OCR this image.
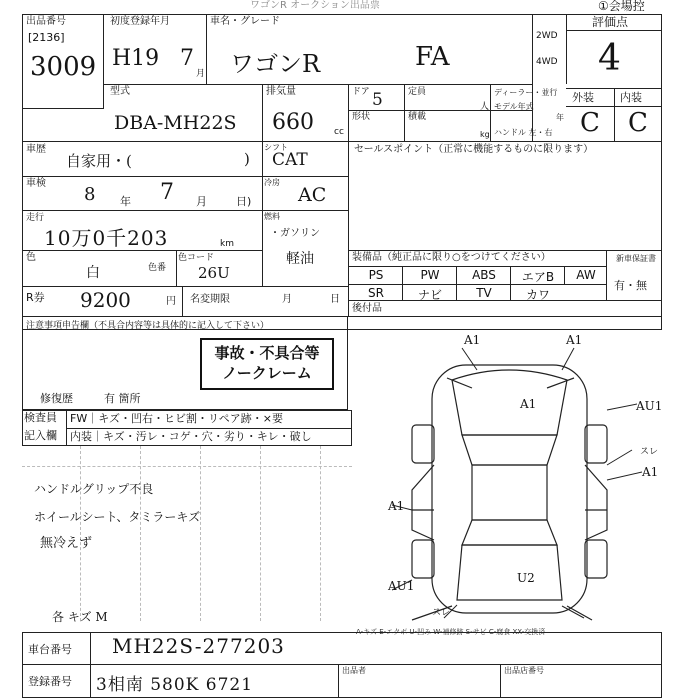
ワゴンR オークション出品票	①会場控
出品番号
[2136]
3009
初度登録年月
H19 7
月
車名・グレード
ワゴンR	FA
型式
DBA-MH22S
排気量
660 cc
ドア 5
形状
定員
人
積載
kg
ディーラー・並行
モデル年式
年
ハンドル 左・右
2WD
4WD
評価点
4
外装 内装
C C
車歴
自家用・(	)
車検
8 年 7 月	日)
走行
10万0千203	km
色
白	色番
色コード
26U
R券 9200	円 名変期限	月	日
シフト
CAT
冷房
AC
燃料
・ガソリン
軽油
セールスポイント（正常に機能するものに限ります）
装備品（純正品に限り○をつけてください）	新車保証書
有・無
PS	PW	ABS	エアB	AW
SR	ナビ	TV	カワ
後付品
注意事項申告欄（不具合内容等は具体的に記入して下さい）
事故・不具合等
ノークレーム
修復歴	有 箇所
検査員
記入欄
FW｜キズ・凹右・ヒビ割・リペア跡・×要
内装｜キズ・汚レ・コゲ・穴・劣り・キレ・破し
ハンドルグリップ不良
ホイールシート、タミラーキズ
無冷えず
各 キズ M
A1	A1
A1	AU1
スレ
A1
A1
U2
AU1
スレ
A-キズ E-エクボ U-凹み W-補修跡 S-サビ C-腐食 XX-交換済
車台番号 MH22S-277203
登録番号 3相南 580K 6721
出品者	出品店番号
